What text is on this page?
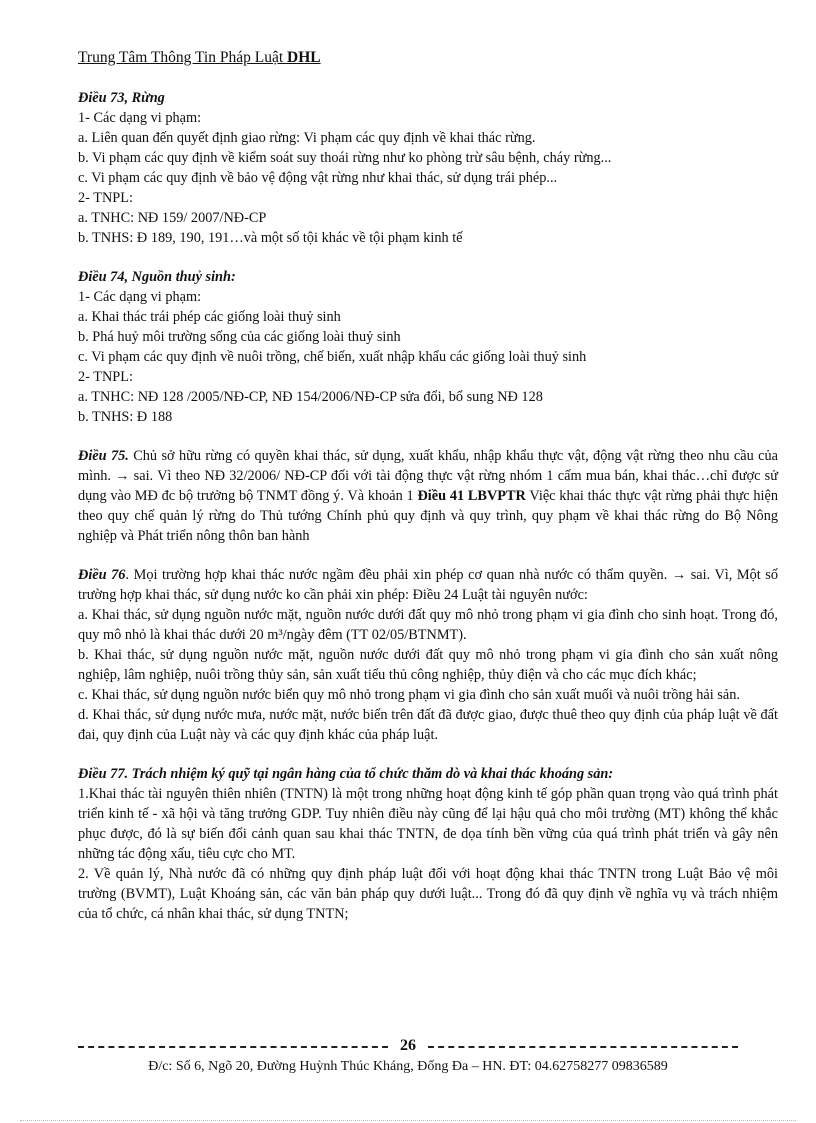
Trung Tâm Thông Tin Pháp Luật DHL
Điều 73, Rừng
1- Các dạng vi phạm:
a. Liên quan đến quyết định giao rừng: Vi phạm các quy định về khai thác rừng.
b. Vi phạm các quy định về kiểm soát suy thoái rừng như ko phòng trừ sâu bệnh, cháy rừng...
c. Vi phạm các quy định về bảo vệ động vật rừng như khai thác, sử dụng trái phép...
2- TNPL:
a. TNHC: NĐ 159/ 2007/NĐ-CP
b. TNHS: Đ 189, 190, 191…và một số tội khác về tội phạm kinh tế
Điều 74, Nguồn thuỷ sinh:
1- Các dạng vi phạm:
a. Khai thác trái phép các giống loài thuỷ sinh
b. Phá huỷ môi trường sống của các giống loài thuỷ sinh
c. Vi phạm các quy định về nuôi trồng, chế biến, xuất nhập khẩu các giống loài thuỷ sinh
2- TNPL:
a. TNHC: NĐ 128 /2005/NĐ-CP, NĐ 154/2006/NĐ-CP sửa đổi, bổ sung NĐ 128
b. TNHS: Đ 188
Điều 75. Chủ sở hữu rừng có quyền khai thác, sử dụng, xuất khẩu, nhập khẩu thực vật, động vật rừng theo nhu cầu của mình. → sai. Vì theo NĐ 32/2006/ NĐ-CP đối với tài động thực vật rừng nhóm 1 cấm mua bán, khai thác…chỉ được sử dụng vào MĐ đc bộ trưởng bộ TNMT đồng ý. Và khoản 1 Điều 41 LBVPTR Việc khai thác thực vật rừng phải thực hiện theo quy chế quản lý rừng do Thủ tướng Chính phủ quy định và quy trình, quy phạm về khai thác rừng do Bộ Nông nghiệp và Phát triển nông thôn ban hành
Điều 76. Mọi trường hợp khai thác nước ngầm đều phải xin phép cơ quan nhà nước có thẩm quyền. → sai. Vì, Một số trường hợp khai thác, sử dụng nước ko cần phải xin phép: Điều 24 Luật tài nguyên nước:
a. Khai thác, sử dụng nguồn nước mặt, nguồn nước dưới đất quy mô nhỏ trong phạm vi gia đình cho sinh hoạt. Trong đó, quy mô nhỏ là khai thác dưới 20 m³/ngày đêm (TT 02/05/BTNMT).
b. Khai thác, sử dụng nguồn nước mặt, nguồn nước dưới đất quy mô nhỏ trong phạm vi gia đình cho sản xuất nông nghiệp, lâm nghiệp, nuôi trồng thủy sản, sản xuất tiểu thủ công nghiệp, thủy điện và cho các mục đích khác;
c. Khai thác, sử dụng nguồn nước biển quy mô nhỏ trong phạm vi gia đình cho sản xuất muối và nuôi trồng hải sản.
d. Khai thác, sử dụng nước mưa, nước mặt, nước biển trên đất đã được giao, được thuê theo quy định của pháp luật về đất đai, quy định của Luật này và các quy định khác của pháp luật.
Điều 77. Trách nhiệm ký quỹ tại ngân hàng của tổ chức thăm dò và khai thác khoáng sản:
1.Khai thác tài nguyên thiên nhiên (TNTN) là một trong những hoạt động kinh tế góp phần quan trọng vào quá trình phát triển kinh tế - xã hội và tăng trưởng GDP. Tuy nhiên điều này cũng để lại hậu quả cho môi trường (MT) không thể khắc phục được, đó là sự biến đổi cảnh quan sau khai thác TNTN, đe dọa tính bền vững của quá trình phát triển và gây nên những tác động xấu, tiêu cực cho MT.
2. Về quản lý, Nhà nước đã có những quy định pháp luật đối với hoạt động khai thác TNTN trong Luật Bảo vệ môi trường (BVMT), Luật Khoáng sản, các văn bản pháp quy dưới luật... Trong đó đã quy định về nghĩa vụ và trách nhiệm của tổ chức, cá nhân khai thác, sử dụng TNTN;
26
Đ/c: Số 6, Ngõ 20, Đường Huỳnh Thúc Kháng, Đống Đa – HN. ĐT: 04.62758277 09836589
